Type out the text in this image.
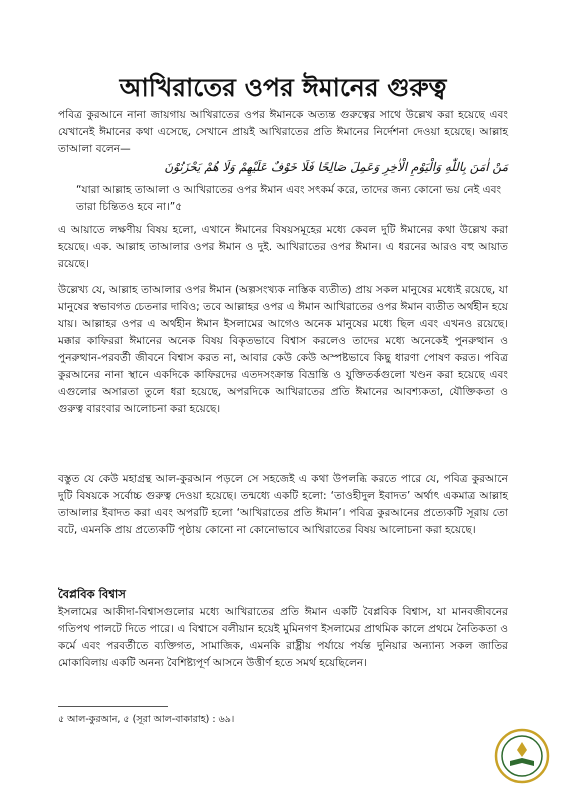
আখিরাতের ওপর ঈমানের গুরুত্ব

পবিত্র কুরআনে নানা জায়গায় আখিরাতের ওপর ঈমানকে অত্যন্ত গুরুত্বের সাথে উল্লেখ করা হয়েছে এবং যেখানেই ঈমানের কথা এসেছে, সেখানে প্রায়ই আখিরাতের প্রতি ঈমানের নির্দেশনা দেওয়া হয়েছে। আল্লাহ তাআলা বলেন—

مَنْ اٰمَنَ بِاللّٰهِ وَالْيَوْمِ الْاٰخِرِ وَعَمِلَ صَالِحًا فَلَا خَوْفٌ عَلَيْهِمْ وَلَا هُمْ يَحْزَنُوْنَ

“যারা আল্লাহ তাআলা ও আখিরাতের ওপর ঈমান এবং সৎকর্ম করে, তাদের জন্য কোনো ভয় নেই এবং তারা চিন্তিতও হবে না।”৫

এ আয়াতে লক্ষণীয় বিষয় হলো, এখানে ঈমানের বিষয়সমূহের মধ্যে কেবল দুটি ঈমানের কথা উল্লেখ করা হয়েছে। এক. আল্লাহ তাআলার ওপর ঈমান ও দুই. আখিরাতের ওপর ঈমান। এ ধরনের আরও বহু আয়াত রয়েছে।

উল্লেখ্য যে, আল্লাহ তাআলার ওপর ঈমান (অল্পসংখ্যক নাস্তিক ব্যতীত) প্রায় সকল মানুষের মধ্যেই রয়েছে, যা মানুষের স্বভাবগত চেতনার দাবিও; তবে আল্লাহর ওপর এ ঈমান আখিরাতের ওপর ঈমান ব্যতীত অর্থহীন হয়ে যায়। আল্লাহর ওপর এ অর্থহীন ঈমান ইসলামের আগেও অনেক মানুষের মধ্যে ছিল এবং এখনও রয়েছে। মক্কার কাফিররা ঈমানের অনেক বিষয় বিকৃতভাবে বিশ্বাস করলেও তাদের মধ্যে অনেকেই পুনরুত্থান ও পুনরুত্থান-পরবর্তী জীবনে বিশ্বাস করত না, আবার কেউ কেউ অস্পষ্টভাবে কিছু ধারণা পোষণ করত। পবিত্র কুরআনের নানা স্থানে একদিকে কাফিরদের এতদসংক্রান্ত বিভ্রান্তি ও যুক্তিতর্কগুলো খণ্ডন করা হয়েছে এবং এগুলোর অসারতা তুলে ধরা হয়েছে, অপরদিকে আখিরাতের প্রতি ঈমানের আবশ্যকতা, যৌক্তিকতা ও গুরুত্ব বারংবার আলোচনা করা হয়েছে।

বস্তুত যে কেউ মহাগ্রন্থ আল-কুরআন পড়লে সে সহজেই এ কথা উপলব্ধি করতে পারে যে, পবিত্র কুরআনে দুটি বিষয়কে সর্বোচ্চ গুরুত্ব দেওয়া হয়েছে। তন্মধ্যে একটি হলো: ‘তাওহীদুল ইবাদত’ অর্থাৎ একমাত্র আল্লাহ তাআলার ইবাদত করা এবং অপরটি হলো ‘আখিরাতের প্রতি ঈমান’। পবিত্র কুরআনের প্রত্যেকটি সূরায় তো বটে, এমনকি প্রায় প্রত্যেকটি পৃষ্ঠায় কোনো না কোনোভাবে আখিরাতের বিষয় আলোচনা করা হয়েছে।

বৈপ্লবিক বিশ্বাস

ইসলামের আকীদা-বিশ্বাসগুলোর মধ্যে আখিরাতের প্রতি ঈমান একটি বৈপ্লবিক বিশ্বাস, যা মানবজীবনের গতিপথ পালটে দিতে পারে। এ বিশ্বাসে বলীয়ান হয়েই মুমিনগণ ইসলামের প্রাথমিক কালে প্রথমে নৈতিকতা ও কর্মে এবং পরবর্তীতে ব্যক্তিগত, সামাজিক, এমনকি রাষ্ট্রীয় পর্যায়ে পর্যন্ত দুনিয়ার অন্যান্য সকল জাতির মোকাবিলায় একটি অনন্য বৈশিষ্ট্যপূর্ণ আসনে উত্তীর্ণ হতে সমর্থ হয়েছিলেন।

৫ আল-কুরআন, ৫ (সূরা আল-বাকারাহ) : ৬৯।
